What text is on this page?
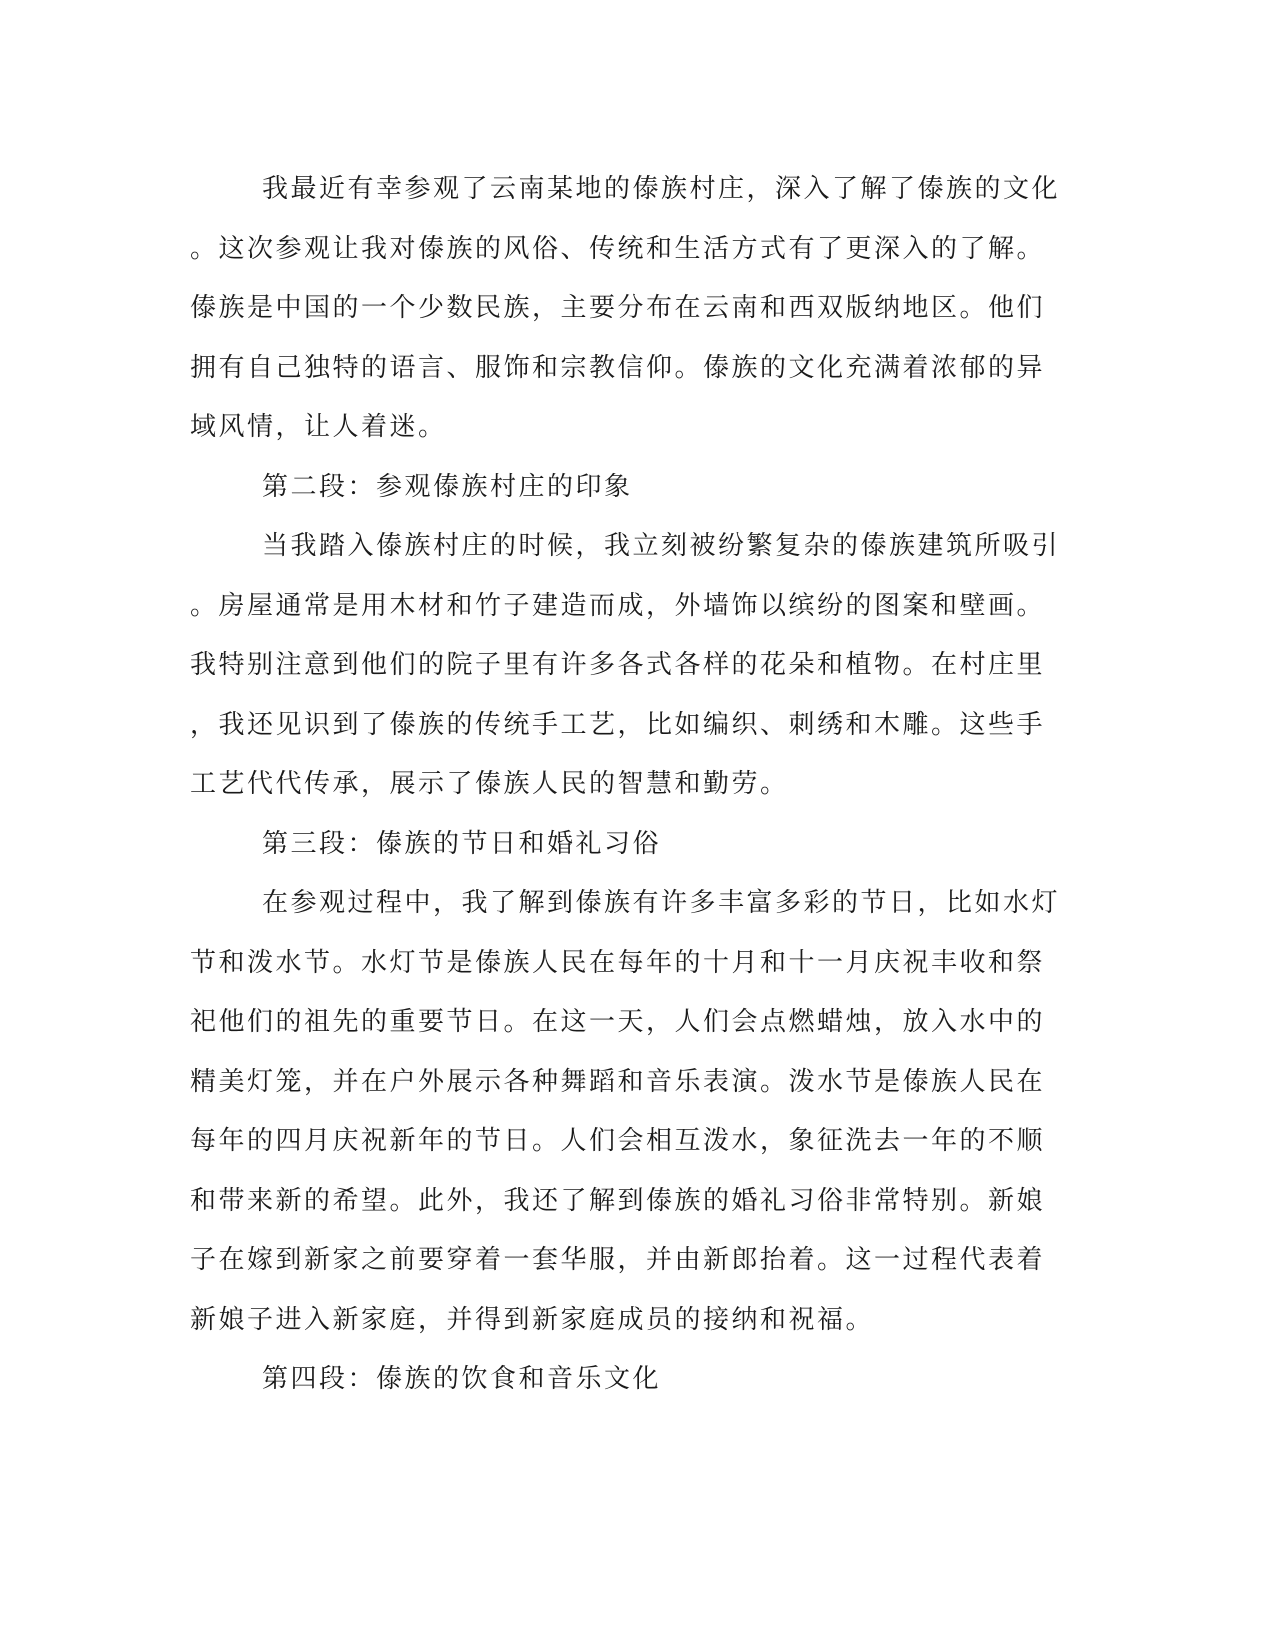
我最近有幸参观了云南某地的傣族村庄，深入了解了傣族的文化
。这次参观让我对傣族的风俗、传统和生活方式有了更深入的了解。
傣族是中国的一个少数民族，主要分布在云南和西双版纳地区。他们
拥有自己独特的语言、服饰和宗教信仰。傣族的文化充满着浓郁的异
域风情，让人着迷。
第二段：参观傣族村庄的印象
当我踏入傣族村庄的时候，我立刻被纷繁复杂的傣族建筑所吸引
。房屋通常是用木材和竹子建造而成，外墙饰以缤纷的图案和壁画。
我特别注意到他们的院子里有许多各式各样的花朵和植物。在村庄里
，我还见识到了傣族的传统手工艺，比如编织、刺绣和木雕。这些手
工艺代代传承，展示了傣族人民的智慧和勤劳。
第三段：傣族的节日和婚礼习俗
在参观过程中，我了解到傣族有许多丰富多彩的节日，比如水灯
节和泼水节。水灯节是傣族人民在每年的十月和十一月庆祝丰收和祭
祀他们的祖先的重要节日。在这一天，人们会点燃蜡烛，放入水中的
精美灯笼，并在户外展示各种舞蹈和音乐表演。泼水节是傣族人民在
每年的四月庆祝新年的节日。人们会相互泼水，象征洗去一年的不顺
和带来新的希望。此外，我还了解到傣族的婚礼习俗非常特别。新娘
子在嫁到新家之前要穿着一套华服，并由新郎抬着。这一过程代表着
新娘子进入新家庭，并得到新家庭成员的接纳和祝福。
第四段：傣族的饮食和音乐文化
